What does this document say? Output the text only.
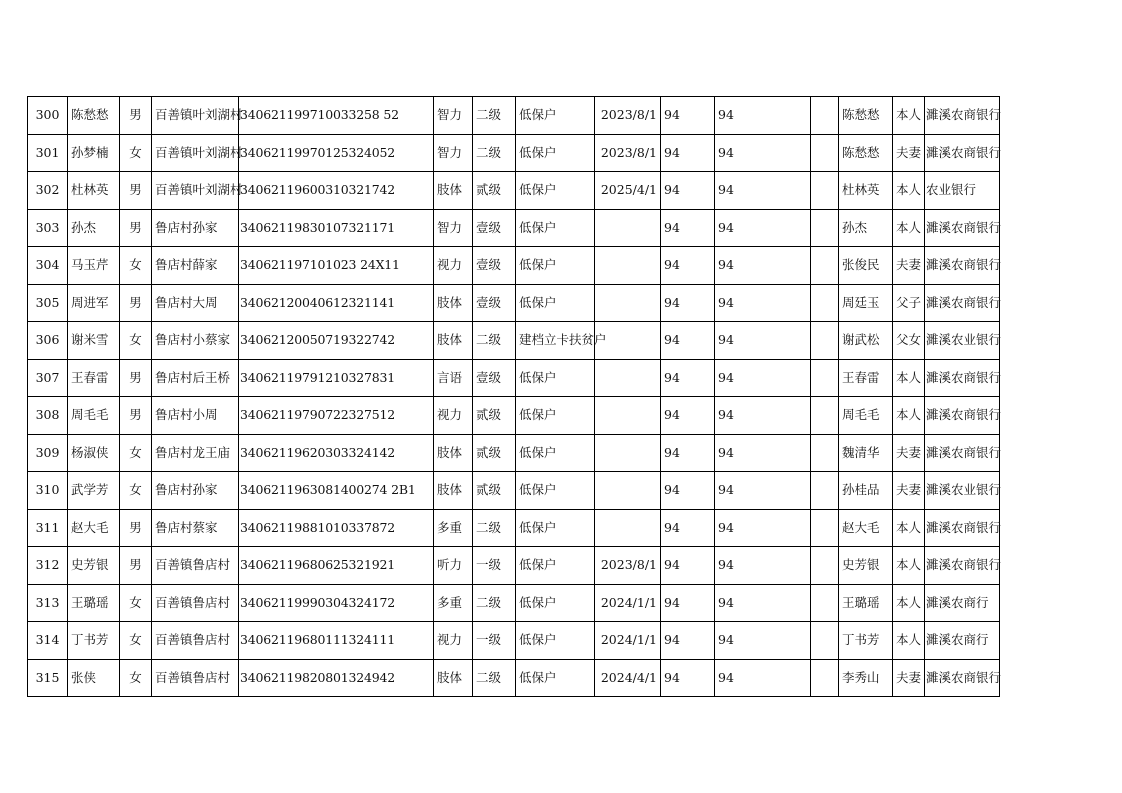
300	陈愁愁	男	百善镇叶刘湖村	340621199710033258 52	智力	二级	低保户	2023/8/1	94	94		陈愁愁	本人	濉溪农商银行
301	孙梦楠	女	百善镇叶刘湖村	34062119970125324052	智力	二级	低保户	2023/8/1	94	94		陈愁愁	夫妻	濉溪农商银行
302	杜林英	男	百善镇叶刘湖村	34062119600310321742	肢体	贰级	低保户	2025/4/1	94	94		杜林英	本人	农业银行
303	孙杰	男	鲁店村孙家	34062119830107321171	智力	壹级	低保户		94	94		孙杰	本人	濉溪农商银行
304	马玉芹	女	鲁店村薛家	340621197101023 24X11	视力	壹级	低保户		94	94		张俊民	夫妻	濉溪农商银行
305	周进军	男	鲁店村大周	34062120040612321141	肢体	壹级	低保户		94	94		周廷玉	父子	濉溪农商银行
306	谢米雪	女	鲁店村小蔡家	34062120050719322742	肢体	二级	建档立卡扶贫户		94	94		谢武松	父女	濉溪农业银行
307	王春雷	男	鲁店村后王桥	34062119791210327831	言语	壹级	低保户		94	94		王春雷	本人	濉溪农商银行
308	周毛毛	男	鲁店村小周	34062119790722327512	视力	贰级	低保户		94	94		周毛毛	本人	濉溪农商银行
309	杨淑侠	女	鲁店村龙王庙	34062119620303324142	肢体	贰级	低保户		94	94		魏清华	夫妻	濉溪农商银行
310	武学芳	女	鲁店村孙家	3406211963081400274 2B1	肢体	贰级	低保户		94	94		孙桂品	夫妻	濉溪农业银行
311	赵大毛	男	鲁店村蔡家	34062119881010337872	多重	二级	低保户		94	94		赵大毛	本人	濉溪农商银行
312	史芳银	男	百善镇鲁店村	34062119680625321921	听力	一级	低保户	2023/8/1	94	94		史芳银	本人	濉溪农商银行
313	王璐瑶	女	百善镇鲁店村	34062119990304324172	多重	二级	低保户	2024/1/1	94	94		王璐瑶	本人	濉溪农商行
314	丁书芳	女	百善镇鲁店村	34062119680111324111	视力	一级	低保户	2024/1/1	94	94		丁书芳	本人	濉溪农商行
315	张侠	女	百善镇鲁店村	34062119820801324942	肢体	二级	低保户	2024/4/1	94	94		李秀山	夫妻	濉溪农商银行
